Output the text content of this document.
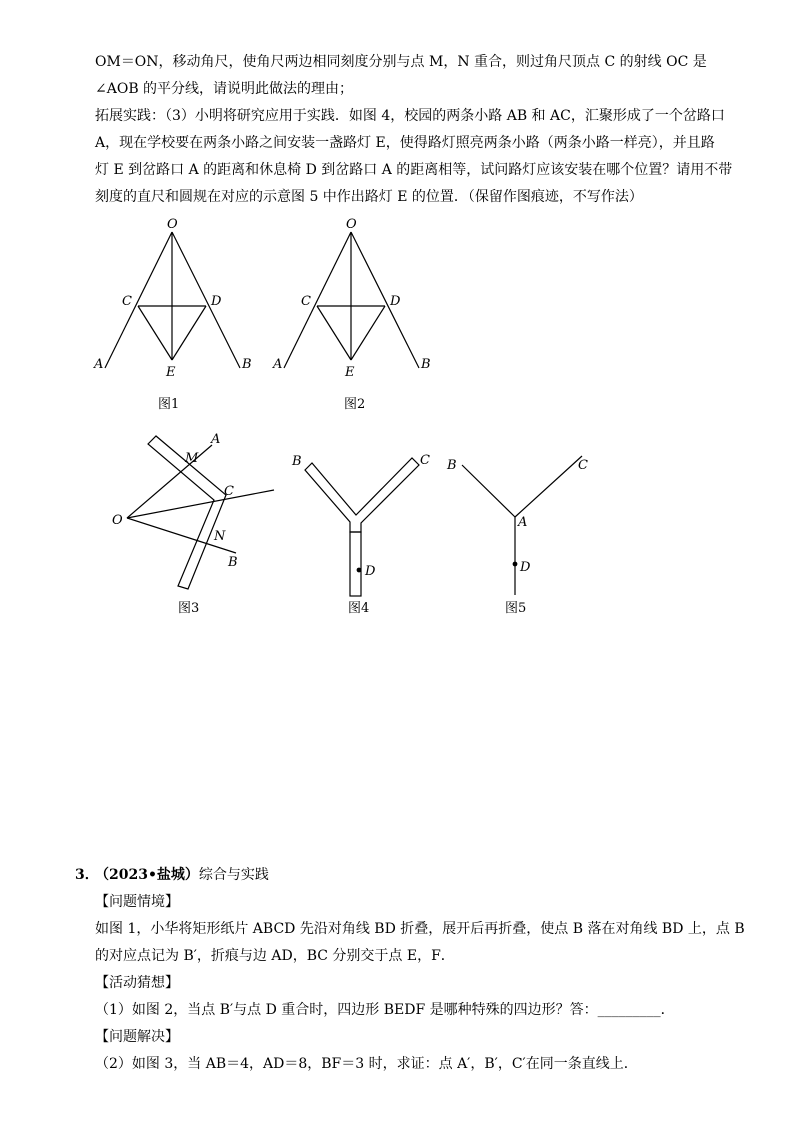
OM＝ON，移动角尺，使角尺两边相同刻度分别与点 M，N 重合，则过角尺顶点 C 的射线 OC 是
∠AOB 的平分线，请说明此做法的理由；
拓展实践：（3）小明将研究应用于实践．如图 4，校园的两条小路 AB 和 AC，汇聚形成了一个岔路口
A，现在学校要在两条小路之间安装一盏路灯 E，使得路灯照亮两条小路（两条小路一样亮），并且路
灯 E 到岔路口 A 的距离和休息椅 D 到岔路口 A 的距离相等，试问路灯应该安装在哪个位置？请用不带
刻度的直尺和圆规在对应的示意图 5 中作出路灯 E 的位置．（保留作图痕迹，不写作法）
O
C	D
A	B
E
图1
O
C	D
A	B
E
图2
A
M
C
O
N
B
图3
B	C
D
图4
B	C
A
D
图5
3．
（2023•盐城）综合与实践
【问题情境】
如图 1，小华将矩形纸片 ABCD 先沿对角线 BD 折叠，展开后再折叠，使点 B 落在对角线 BD 上，点 B
的对应点记为 B′，折痕与边 AD，BC 分别交于点 E，F．
【活动猜想】
（1）如图 2，当点 B′与点 D 重合时，四边形 BEDF 是哪种特殊的四边形？答：_________．
【问题解决】
（2）如图 3，当 AB＝4，AD＝8，BF＝3 时，求证：点 A′，B′，C′在同一条直线上．
